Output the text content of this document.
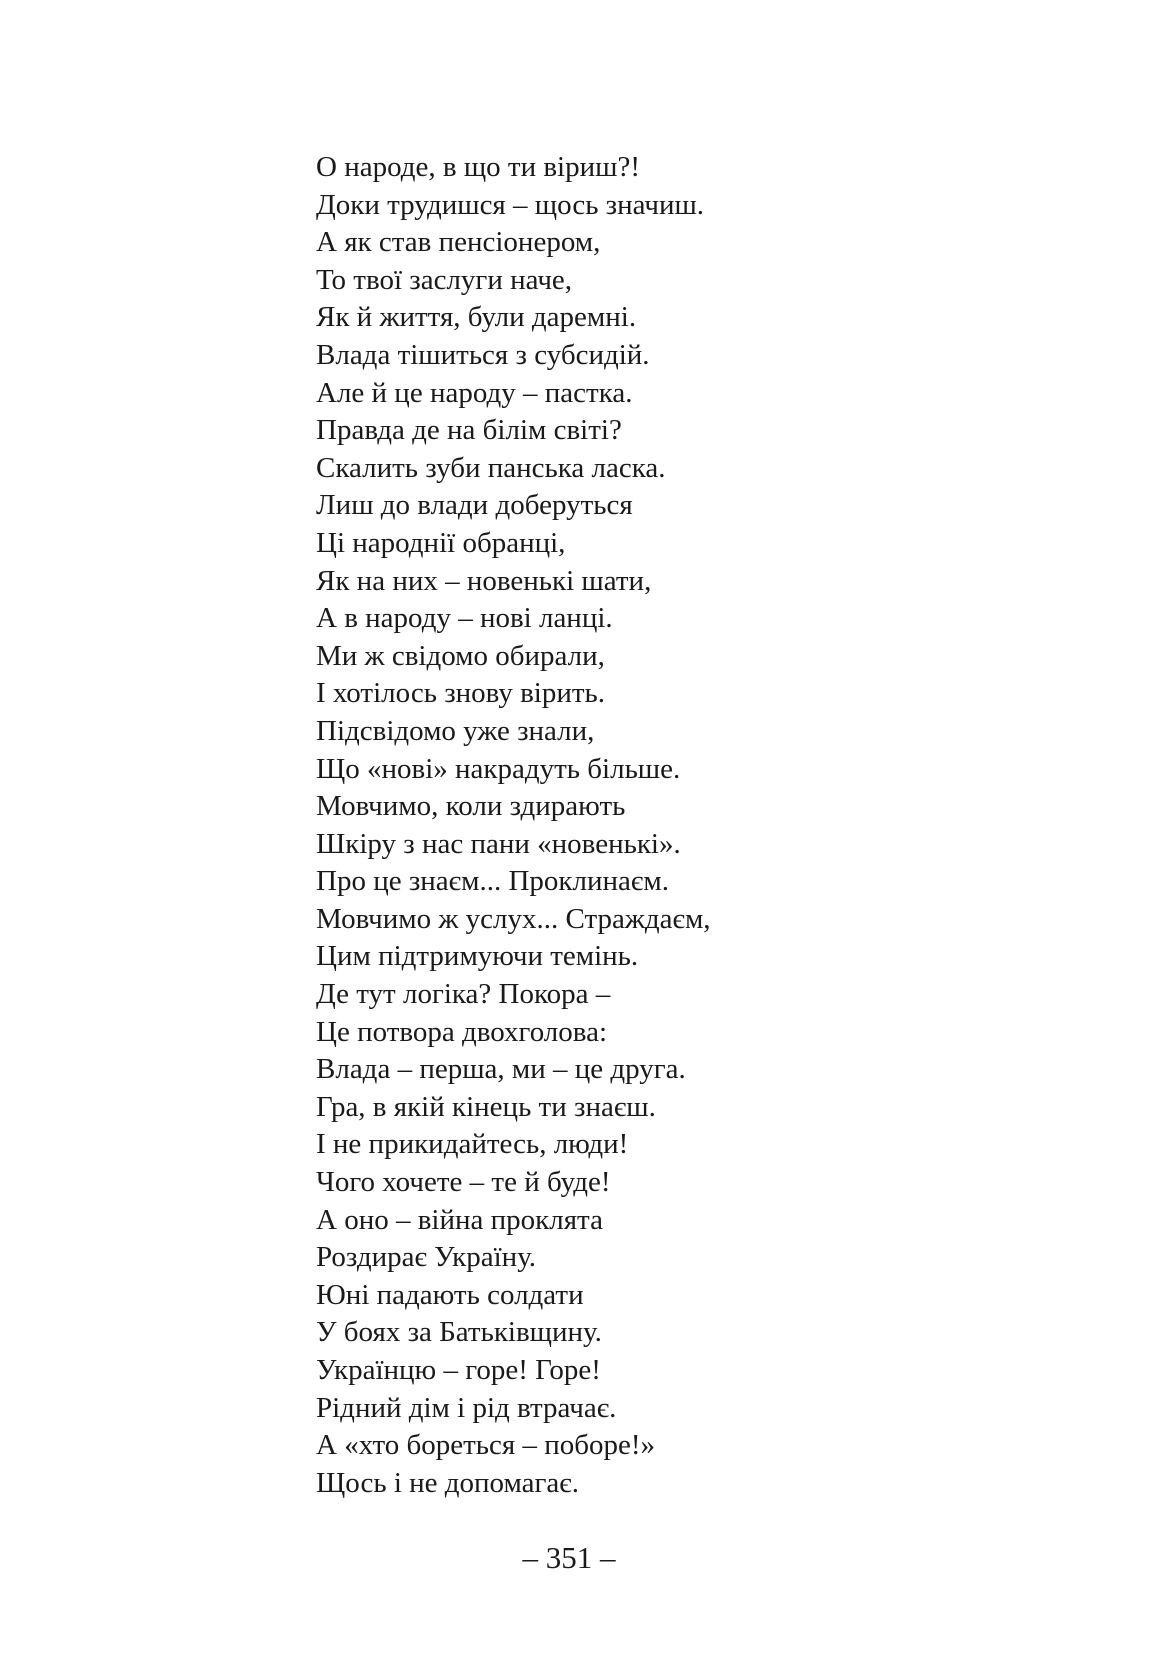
О народе, в що ти віриш?!
Доки трудишся – щось значиш.
А як став пенсіонером,
То твої заслуги наче,
Як й життя, були даремні.
Влада тішиться з субсидій.
Але й це народу – пастка.
Правда де на білім світі?
Скалить зуби панська ласка.
Лиш до влади доберуться
Ці народнії обранці,
Як на них – новенькі шати,
А в народу – нові ланці.
Ми ж свідомо обирали,
І хотілось знову вірить.
Підсвідомо уже знали,
Що «нові» накрадуть більше.
Мовчимо, коли здирають
Шкіру з нас пани «новенькі».
Про це знаєм... Проклинаєм.
Мовчимо ж услух... Страждаєм,
Цим підтримуючи темінь.
Де тут логіка? Покора –
Це потвора двохголова:
Влада – перша, ми – це друга.
Гра, в якій кінець ти знаєш.
І не прикидайтесь, люди!
Чого хочете – те й буде!
А оно – війна проклята
Роздирає Україну.
Юні падають солдати
У боях за Батьківщину.
Українцю – горе! Горе!
Рідний дім і рід втрачає.
А «хто бореться – поборе!»
Щось і не допомагає.
– 351 –
